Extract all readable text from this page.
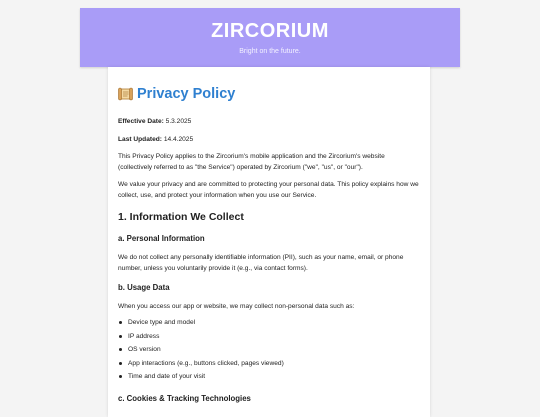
ZIRCORIUM
Bright on the future.
Privacy Policy

Effective Date: 5.3.2025

Last Updated: 14.4.2025

This Privacy Policy applies to the Zircorium's mobile application and the Zircorium's website (collectively referred to as "the Service") operated by Zircorium ("we", "us", or "our").

We value your privacy and are committed to protecting your personal data. This policy explains how we collect, use, and protect your information when you use our Service.

1. Information We Collect
a. Personal Information

We do not collect any personally identifiable information (PII), such as your name, email, or phone number, unless you voluntarily provide it (e.g., via contact forms).

b. Usage Data

When you access our app or website, we may collect non-personal data such as:

Device type and model
IP address
OS version
App interactions (e.g., buttons clicked, pages viewed)
Time and date of your visit
c. Cookies & Tracking Technologies
